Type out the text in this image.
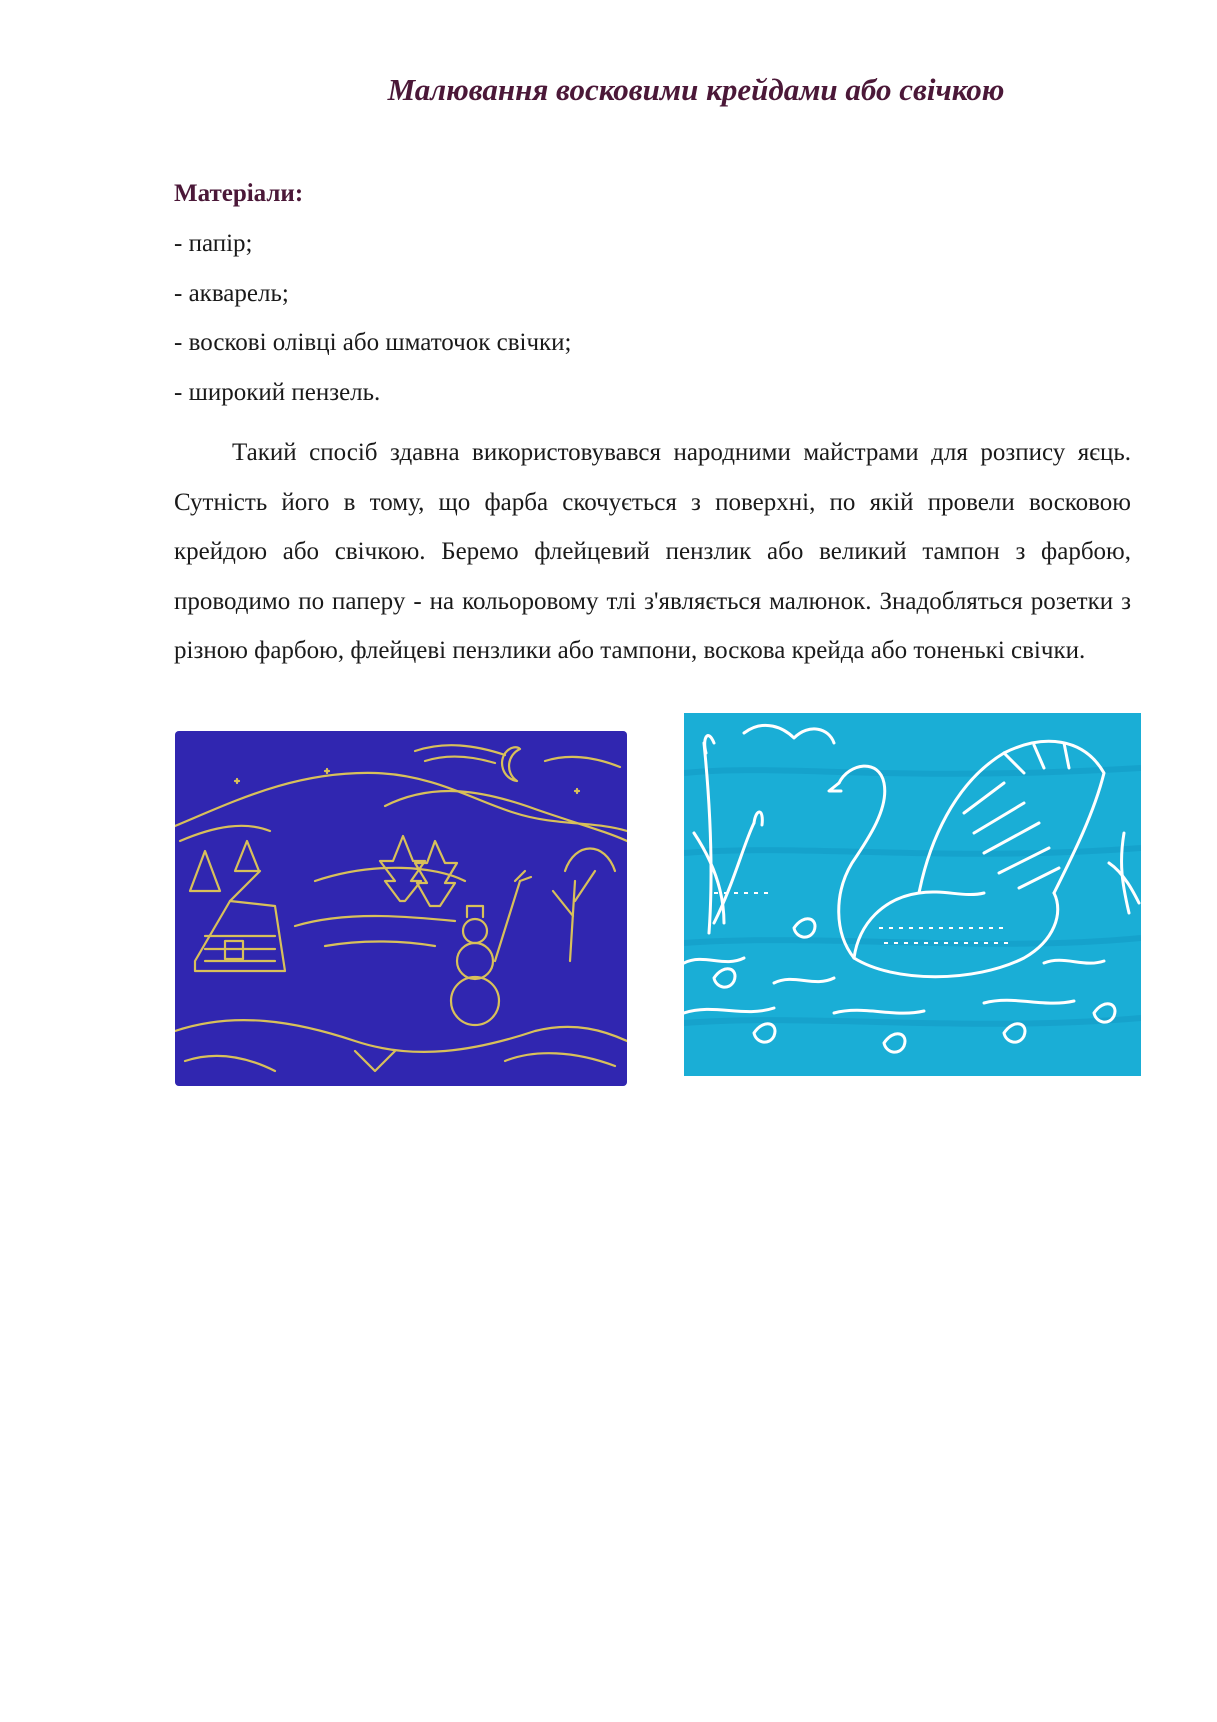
Малювання восковими крейдами або свічкою
Матеріали:
- папір;
- акварель;
- воскові олівці або шматочок свічки;
- широкий пензель.

Такий спосіб здавна використовувався народними майстрами для розпису яєць. Сутність його в тому, що фарба скочується з поверхні, по якій провели восковою крейдою або свічкою. Беремо флейцевий пензлик або великий тампон з фарбою, проводимо по паперу - на кольоровому тлі з'являється малюнок. Знадобляться розетки з різною фарбою, флейцеві пензлики або тампони, воскова крейда або тоненькі свічки.
